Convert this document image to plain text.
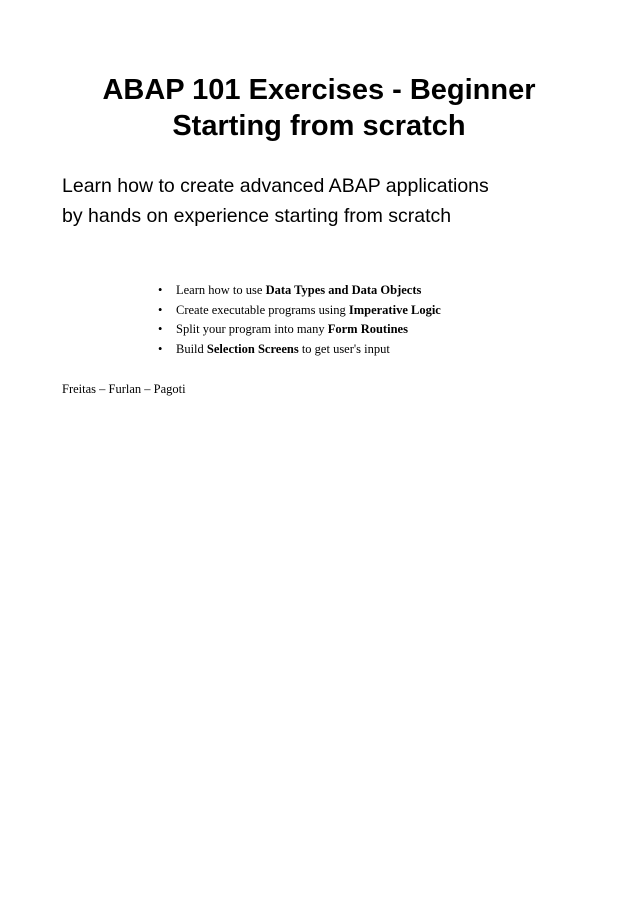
ABAP 101 Exercises - Beginner
Starting from scratch

Learn how to create advanced ABAP applications
by hands on experience starting from scratch

• Learn how to use Data Types and Data Objects
• Create executable programs using Imperative Logic
• Split your program into many Form Routines
• Build Selection Screens to get user's input

Freitas – Furlan – Pagoti
